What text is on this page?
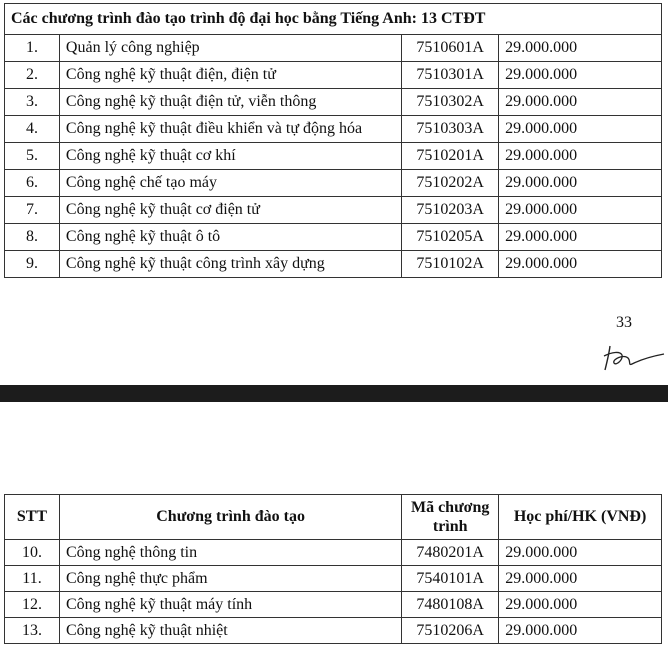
Các chương trình đào tạo trình độ đại học bằng Tiếng Anh: 13 CTĐT			
1.	Quản lý công nghiệp	7510601A	29.000.000
2.	Công nghệ kỹ thuật điện, điện tử	7510301A	29.000.000
3.	Công nghệ kỹ thuật điện tử, viễn thông	7510302A	29.000.000
4.	Công nghệ kỹ thuật điều khiển và tự động hóa	7510303A	29.000.000
5.	Công nghệ kỹ thuật cơ khí	7510201A	29.000.000
6.	Công nghệ chế tạo máy	7510202A	29.000.000
7.	Công nghệ kỹ thuật cơ điện tử	7510203A	29.000.000
8.	Công nghệ kỹ thuật ô tô	7510205A	29.000.000
9.	Công nghệ kỹ thuật công trình xây dựng	7510102A	29.000.000
33
STT	Chương trình đào tạo	Mã chương trình	Học phí/HK (VNĐ)
10.	Công nghệ thông tin	7480201A	29.000.000
11.	Công nghệ thực phẩm	7540101A	29.000.000
12.	Công nghệ kỹ thuật máy tính	7480108A	29.000.000
13.	Công nghệ kỹ thuật nhiệt	7510206A	29.000.000
